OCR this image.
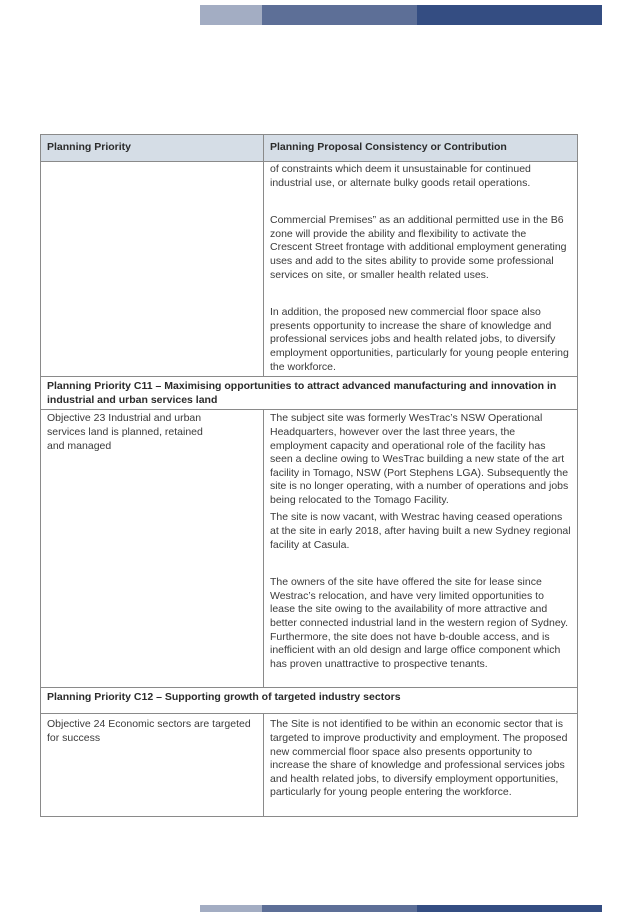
Planning Priority	Planning Proposal Consistency or Contribution

	of constraints which deem it unsustainable for continued industrial use, or alternate bulky goods retail operations.

Commercial Premises” as an additional permitted use in the B6 zone will provide the ability and flexibility to activate the Crescent Street frontage with additional employment generating uses and add to the sites ability to provide some professional services on site, or smaller health related uses.

In addition, the proposed new commercial floor space also presents opportunity to increase the share of knowledge and professional services jobs and health related jobs, to diversify employment opportunities, particularly for young people entering the workforce.

Planning Priority C11 – Maximising opportunities to attract advanced manufacturing and innovation in industrial and urban services land	
Objective 23 Industrial and urban services land is planned, retained and managed	The subject site was formerly WesTrac’s NSW Operational Headquarters, however over the last three years, the employment capacity and operational role of the facility has seen a decline owing to WesTrac building a new state of the art facility in Tomago, NSW (Port Stephens LGA). Subsequently the site is no longer operating, with a number of operations and jobs being relocated to the Tomago Facility.

The site is now vacant, with Westrac having ceased operations at the site in early 2018, after having built a new Sydney regional facility at Casula.

The owners of the site have offered the site for lease since Westrac’s relocation, and have very limited opportunities to lease the site owing to the availability of more attractive and better connected industrial land in the western region of Sydney. Furthermore, the site does not have b-double access, and is inefficient with an old design and large office component which has proven unattractive to prospective tenants.

Planning Priority C12 – Supporting growth of targeted industry sectors	
Objective 24 Economic sectors are targeted for success	The Site is not identified to be within an economic sector that is targeted to improve productivity and employment. The proposed new commercial floor space also presents opportunity to increase the share of knowledge and professional services jobs and health related jobs, to diversify employment opportunities, particularly for young people entering the workforce.
